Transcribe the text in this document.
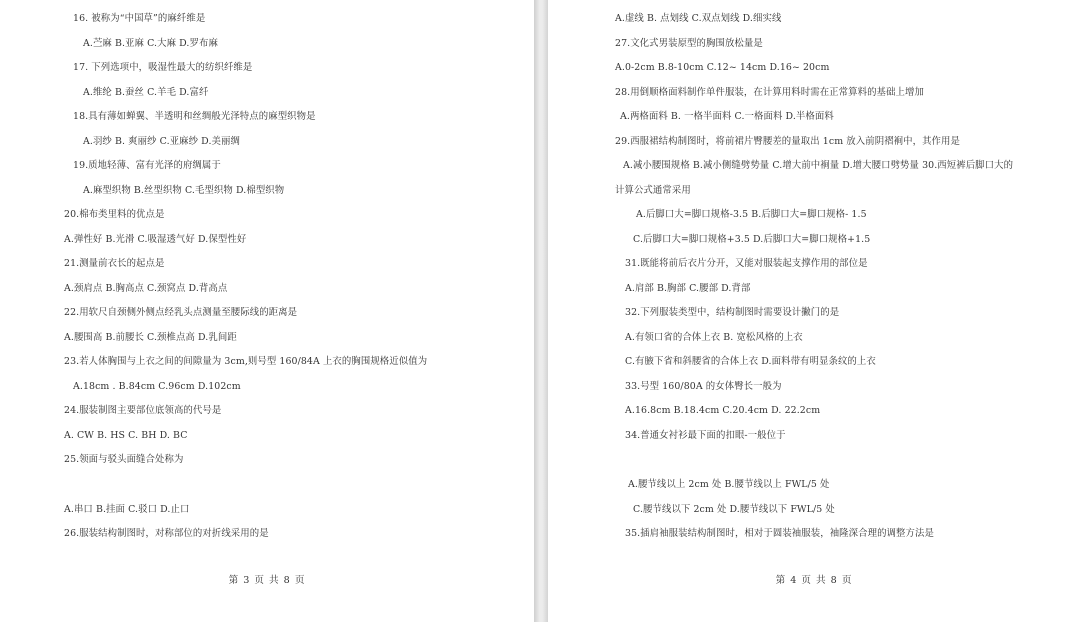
16. 被称为“中国草”的麻纤维是
A.苎麻 B.亚麻 C.大麻 D.罗布麻
17. 下列选项中，吸湿性最大的纺织纤维是
A.维纶 B.蚕丝 C.羊毛 D.富纤
18.具有薄如蝉翼、半透明和丝绸般光泽特点的麻型织物是
A.羽纱 B. 爽丽纱 C.亚麻纱 D.美丽绸
19.质地轻薄、富有光泽的府绸属于
A.麻型织物 B.丝型织物 C.毛型织物 D.棉型织物
20.棉布类里料的优点是
A.弹性好 B.光滑 C.吸湿透气好 D.保型性好
21.测量前衣长的起点是
A.颈肩点 B.胸高点 C.颈窝点 D.背高点
22.用软尺自颈侧外侧点经乳头点测量至腰际线的距离是
A.腰围高 B.前腰长 C.颈椎点高 D.乳间距
23.若人体胸围与上衣之间的间隙量为 3cm,则号型 160/84A 上衣的胸围规格近似值为
A.18cm . B.84cm C.96cm D.102cm
24.服装制图主要部位底领高的代号是
A. CW B. HS C. BH D. BC
25.领面与驳头面缝合处称为
A.串口 B.挂面 C.驳口 D.止口
26.服装结构制图时，对称部位的对折线采用的是
第 3 页 共 8 页
A.虚线 B. 点划线 C.双点划线 D.细实线
27.文化式男装原型的胸围放松量是
A.0-2cm B.8-10cm C.12~ 14cm D.16~ 20cm
28.用倒顺格面料制作单件服装，在计算用料时需在正常算料的基础上增加
A.两格面料 B. 一格半面料 C.一格面料 D.半格面料
29.西服裙结构制图时，将前裙片臀腰差的量取出 1cm 放入前阴褶裥中，其作用是
A.减小腰围规格 B.减小侧缝劈势量 C.增大前中裥量 D.增大腰口劈势量 30.西短裤后脚口大的
计算公式通常采用
A.后脚口大=脚口规格-3.5 B.后脚口大=脚口规格- 1.5
C.后脚口大=脚口规格+3.5 D.后脚口大=脚口规格+1.5
31.既能将前后衣片分开，又能对服装起支撑作用的部位是
A.肩部 B.胸部 C.腰部 D.背部
32.下列服装类型中，结构制图时需要设计撇门的是
A.有领口省的合体上衣 B. 宽松风格的上衣
C.有腋下省和斜腰省的合体上衣 D.面料带有明显条纹的上衣
33.号型 160/80A 的女体臀长一般为
A.16.8cm B.18.4cm C.20.4cm D. 22.2cm
34.普通女衬衫最下面的扣眼-一般位于
A.腰节线以上 2cm 处 B.腰节线以上 FWL/5 处
C.腰节线以下 2cm 处 D.腰节线以下 FWL/5 处
35.插肩袖服装结构制图时，相对于圆装袖服装，袖隆深合理的调整方法是
第 4 页 共 8 页
